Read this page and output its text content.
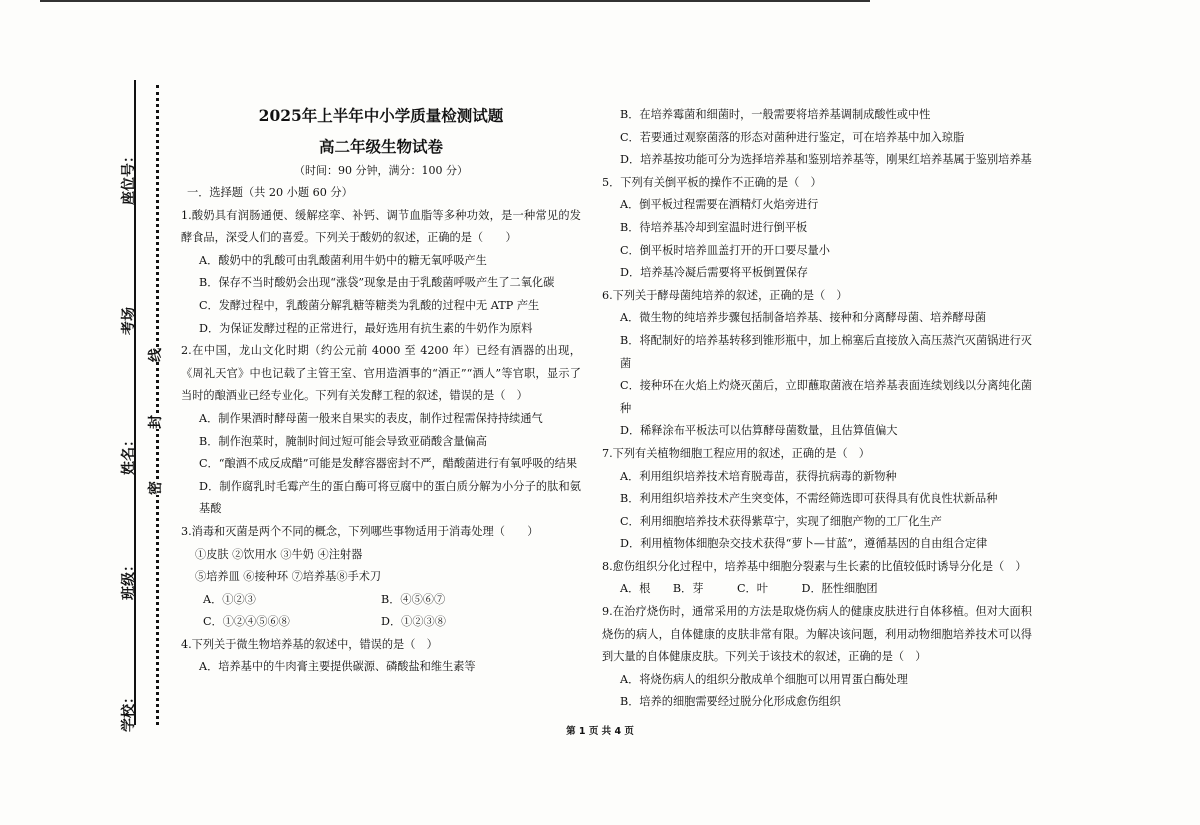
座位号：
考场
姓名：
班级：
学校：
线
封
密
2025年上半年中小学质量检测试题
高二年级生物试卷
（时间：90 分钟，满分：100 分）

一．选择题（共 20 小题 60 分）

1.酸奶具有润肠通便、缓解痉挛、补钙、调节血脂等多种功效，是一种常见的发酵食品，深受人们的喜爱。下列关于酸奶的叙述，正确的是（　　）

A．酸奶中的乳酸可由乳酸菌利用牛奶中的糖无氧呼吸产生

B．保存不当时酸奶会出现“涨袋”现象是由于乳酸菌呼吸产生了二氧化碳

C．发酵过程中，乳酸菌分解乳糖等糖类为乳酸的过程中无 ATP 产生

D．为保证发酵过程的正常进行，最好选用有抗生素的牛奶作为原料

2.在中国，龙山文化时期（约公元前 4000 至 4200 年）已经有酒器的出现，《周礼天官》中也记载了主管王室、官用造酒事的“酒正”“酒人”等官职，显示了当时的酿酒业已经专业化。下列有关发酵工程的叙述，错误的是（　）

A．制作果酒时酵母菌一般来自果实的表皮，制作过程需保持持续通气

B．制作泡菜时，腌制时间过短可能会导致亚硝酸含量偏高

C．“酿酒不成反成醋”可能是发酵容器密封不严，醋酸菌进行有氧呼吸的结果

D．制作腐乳时毛霉产生的蛋白酶可将豆腐中的蛋白质分解为小分子的肽和氨基酸

3.消毒和灭菌是两个不同的概念，下列哪些事物适用于消毒处理（　　）

①皮肤 ②饮用水 ③牛奶 ④注射器

⑤培养皿 ⑥接种环 ⑦培养基⑧手术刀

A．①②③	B．④⑤⑥⑦
C．①②④⑤⑥⑧	D．①②③⑧

4.下列关于微生物培养基的叙述中，错误的是（　）

A．培养基中的牛肉膏主要提供碳源、磷酸盐和维生素等

B．在培养霉菌和细菌时，一般需要将培养基调制成酸性或中性

C．若要通过观察菌落的形态对菌种进行鉴定，可在培养基中加入琼脂

D．培养基按功能可分为选择培养基和鉴别培养基等，刚果红培养基属于鉴别培养基

5．下列有关倒平板的操作不正确的是（　）

A．倒平板过程需要在酒精灯火焰旁进行

B．待培养基冷却到室温时进行倒平板

C．倒平板时培养皿盖打开的开口要尽量小

D．培养基冷凝后需要将平板倒置保存

6.下列关于酵母菌纯培养的叙述，正确的是（　）

A．微生物的纯培养步骤包括制备培养基、接种和分离酵母菌、培养酵母菌

B．将配制好的培养基转移到锥形瓶中，加上棉塞后直接放入高压蒸汽灭菌锅进行灭菌

C．接种环在火焰上灼烧灭菌后，立即蘸取菌液在培养基表面连续划线以分离纯化菌种

D．稀释涂布平板法可以估算酵母菌数量，且估算值偏大

7.下列有关植物细胞工程应用的叙述，正确的是（　）

A．利用组织培养技术培育脱毒苗，获得抗病毒的新物种

B．利用组织培养技术产生突变体，不需经筛选即可获得具有优良性状新品种

C．利用细胞培养技术获得紫草宁，实现了细胞产物的工厂化生产

D．利用植物体细胞杂交技术获得“萝卜—甘蓝”，遵循基因的自由组合定律

8.愈伤组织分化过程中，培养基中细胞分裂素与生长素的比值较低时诱导分化是（　）

A．根　　B．芽　　　C．叶　　　D．胚性细胞团

9.在治疗烧伤时，通常采用的方法是取烧伤病人的健康皮肤进行自体移植。但对大面积烧伤的病人，自体健康的皮肤非常有限。为解决该问题，利用动物细胞培养技术可以得到大量的自体健康皮肤。下列关于该技术的叙述，正确的是（　）

A．将烧伤病人的组织分散成单个细胞可以用胃蛋白酶处理

B．培养的细胞需要经过脱分化形成愈伤组织

第 1 页 共 4 页
